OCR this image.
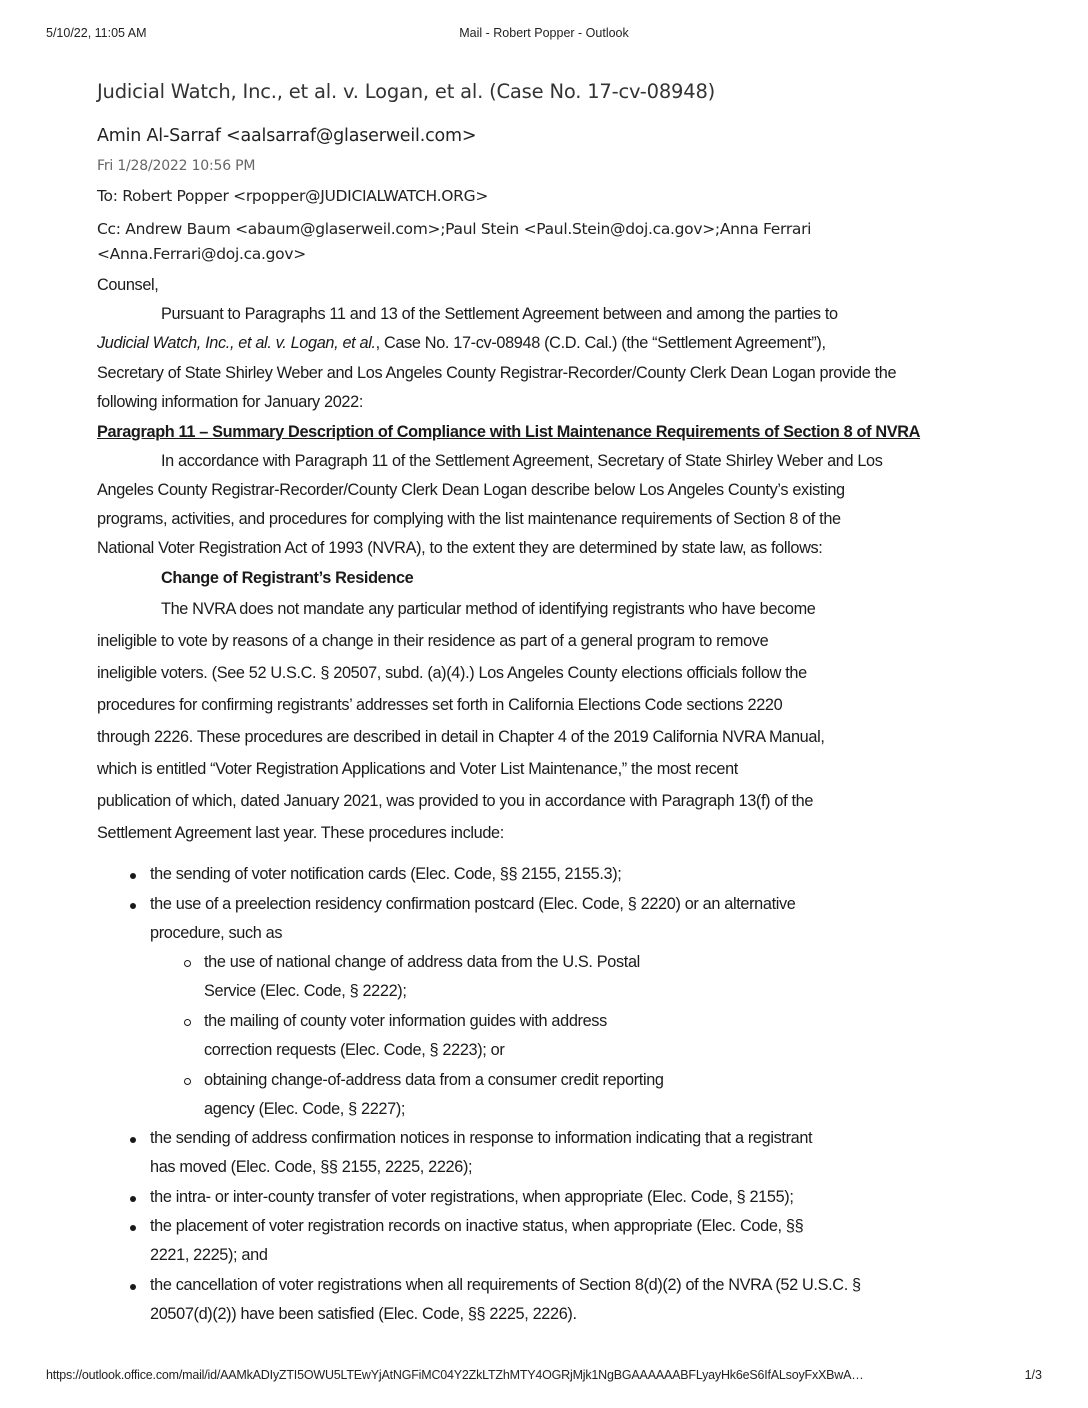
5/10/22, 11:05 AM	Mail - Robert Popper - Outlook
Judicial Watch, Inc., et al. v. Logan, et al. (Case No. 17-cv-08948)
Amin Al-Sarraf <aalsarraf@glaserweil.com>
Fri 1/28/2022 10:56 PM
To: Robert Popper <rpopper@JUDICIALWATCH.ORG>
Cc: Andrew Baum <abaum@glaserweil.com>;Paul Stein <Paul.Stein@doj.ca.gov>;Anna Ferrari
<Anna.Ferrari@doj.ca.gov>
Counsel,
Pursuant to Paragraphs 11 and 13 of the Settlement Agreement between and among the parties to
Judicial Watch, Inc., et al. v. Logan, et al., Case No. 17-cv-08948 (C.D. Cal.) (the “Settlement Agreement”),
Secretary of State Shirley Weber and Los Angeles County Registrar-Recorder/County Clerk Dean Logan provide the
following information for January 2022:
Paragraph 11 – Summary Description of Compliance with List Maintenance Requirements of Section 8 of NVRA
In accordance with Paragraph 11 of the Settlement Agreement, Secretary of State Shirley Weber and Los
Angeles County Registrar-Recorder/County Clerk Dean Logan describe below Los Angeles County’s existing
programs, activities, and procedures for complying with the list maintenance requirements of Section 8 of the
National Voter Registration Act of 1993 (NVRA), to the extent they are determined by state law, as follows:
Change of Registrant’s Residence
The NVRA does not mandate any particular method of identifying registrants who have become
ineligible to vote by reasons of a change in their residence as part of a general program to remove
ineligible voters. (See 52 U.S.C. § 20507, subd. (a)(4).) Los Angeles County elections officials follow the
procedures for confirming registrants’ addresses set forth in California Elections Code sections 2220
through 2226. These procedures are described in detail in Chapter 4 of the 2019 California NVRA Manual,
which is entitled “Voter Registration Applications and Voter List Maintenance,” the most recent
publication of which, dated January 2021, was provided to you in accordance with Paragraph 13(f) of the
Settlement Agreement last year. These procedures include:
the sending of voter notification cards (Elec. Code, §§ 2155, 2155.3);
the use of a preelection residency confirmation postcard (Elec. Code, § 2220) or an alternative
procedure, such as
the use of national change of address data from the U.S. Postal
Service (Elec. Code, § 2222);
the mailing of county voter information guides with address
correction requests (Elec. Code, § 2223); or
obtaining change-of-address data from a consumer credit reporting
agency (Elec. Code, § 2227);
the sending of address confirmation notices in response to information indicating that a registrant
has moved (Elec. Code, §§ 2155, 2225, 2226);
the intra- or inter-county transfer of voter registrations, when appropriate (Elec. Code, § 2155);
the placement of voter registration records on inactive status, when appropriate (Elec. Code, §§
2221, 2225); and
the cancellation of voter registrations when all requirements of Section 8(d)(2) of the NVRA (52 U.S.C. §
20507(d)(2)) have been satisfied (Elec. Code, §§ 2225, 2226).
https://outlook.office.com/mail/id/AAMkADIyZTI5OWU5LTEwYjAtNGFiMC04Y2ZkLTZhMTY4OGRjMjk1NgBGAAAAAABFLyayHk6eS6IfALsoyFxXBwA…	1/3
